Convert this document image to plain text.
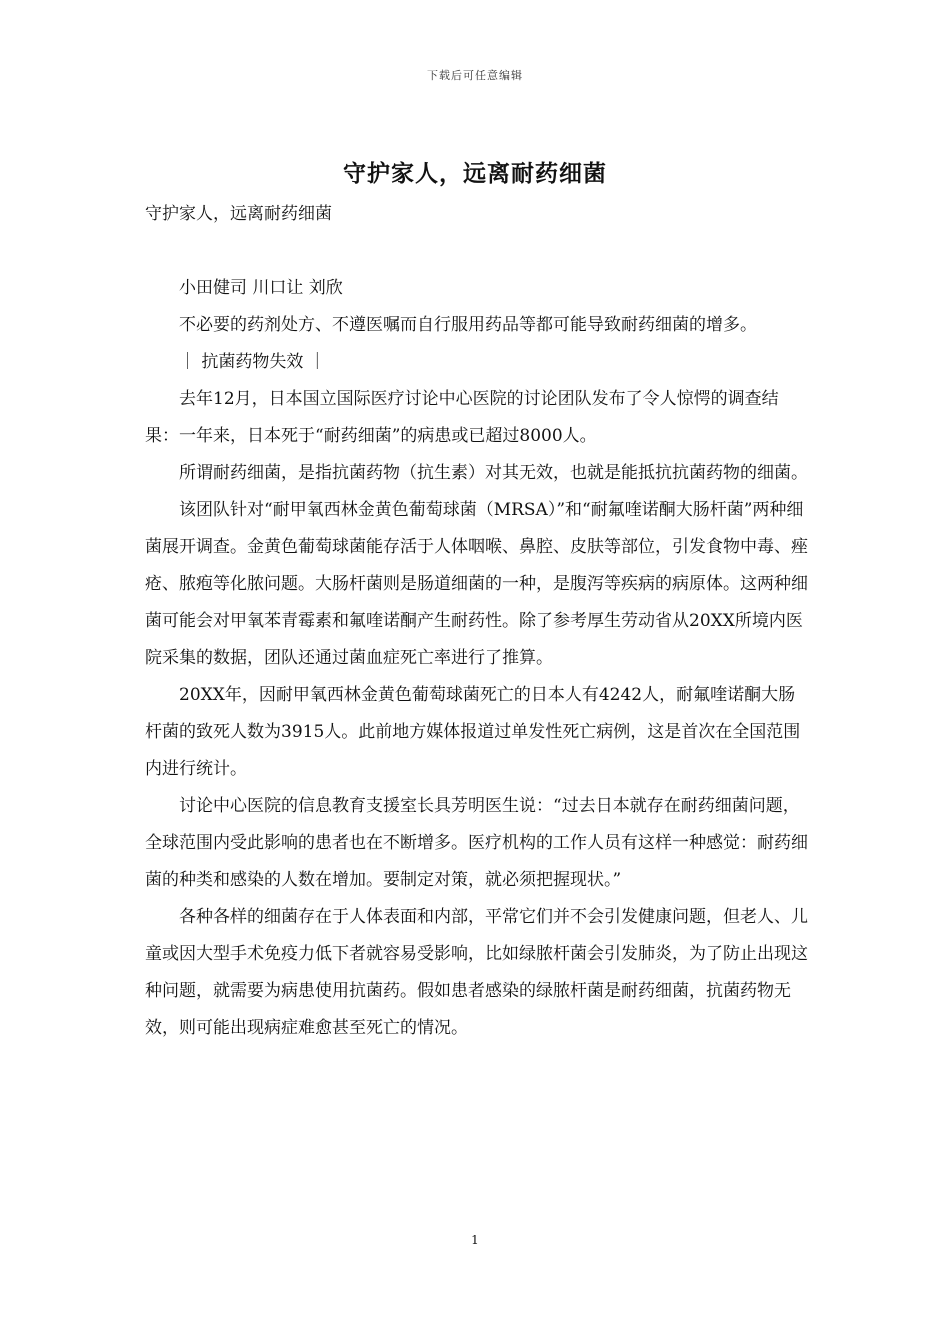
下载后可任意编辑
守护家人，远离耐药细菌

守护家人，远离耐药细菌

小田健司 川口让 刘欣

不必要的药剂处方、不遵医嘱而自行服用药品等都可能导致耐药细菌的增多。

｜ 抗菌药物失效 ｜

去年12月，日本国立国际医疗讨论中心医院的讨论团队发布了令人惊愕的调查结果：一年来，日本死于“耐药细菌”的病患或已超过8000人。

所谓耐药细菌，是指抗菌药物（抗生素）对其无效，也就是能抵抗抗菌药物的细菌。

该团队针对“耐甲氧西林金黄色葡萄球菌（MRSA）”和“耐氟喹诺酮大肠杆菌”两种细菌展开调查。金黄色葡萄球菌能存活于人体咽喉、鼻腔、皮肤等部位，引发食物中毒、痤疮、脓疱等化脓问题。大肠杆菌则是肠道细菌的一种，是腹泻等疾病的病原体。这两种细菌可能会对甲氧苯青霉素和氟喹诺酮产生耐药性。除了参考厚生劳动省从20XX所境内医院采集的数据，团队还通过菌血症死亡率进行了推算。

20XX年，因耐甲氧西林金黄色葡萄球菌死亡的日本人有4242人，耐氟喹诺酮大肠杆菌的致死人数为3915人。此前地方媒体报道过单发性死亡病例，这是首次在全国范围内进行统计。

讨论中心医院的信息教育支援室长具芳明医生说：“过去日本就存在耐药细菌问题，全球范围内受此影响的患者也在不断增多。医疗机构的工作人员有这样一种感觉：耐药细菌的种类和感染的人数在增加。要制定对策，就必须把握现状。”

各种各样的细菌存在于人体表面和内部，平常它们并不会引发健康问题，但老人、儿童或因大型手术免疫力低下者就容易受影响，比如绿脓杆菌会引发肺炎，为了防止出现这种问题，就需要为病患使用抗菌药。假如患者感染的绿脓杆菌是耐药细菌，抗菌药物无效，则可能出现病症难愈甚至死亡的情况。

1
